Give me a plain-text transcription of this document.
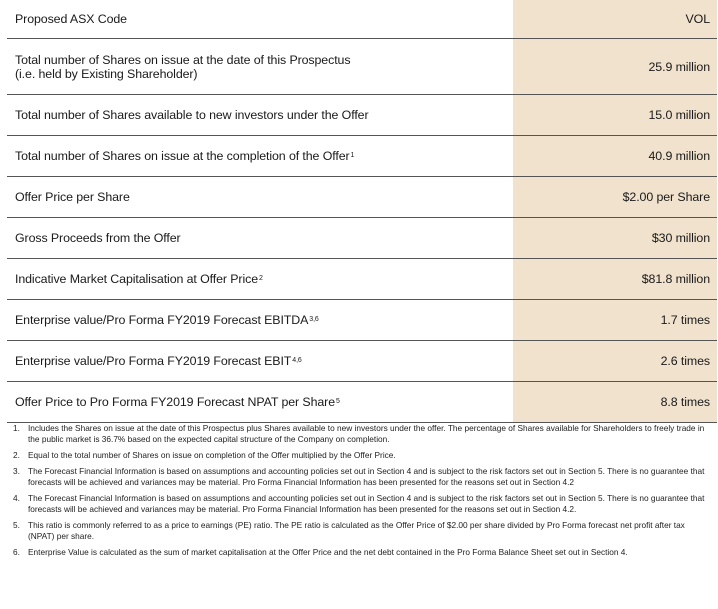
Proposed ASX Code	VOL
Total number of Shares on issue at the date of this Prospectus
(i.e. held by Existing Shareholder)	25.9 million
Total number of Shares available to new investors under the Offer	15.0 million
Total number of Shares on issue at the completion of the Offer 1	40.9 million
Offer Price per Share	$2.00 per Share
Gross Proceeds from the Offer	$30 million
Indicative Market Capitalisation at Offer Price 2	$81.8 million
Enterprise value/Pro Forma FY2019 Forecast EBITDA 3,6	1.7 times
Enterprise value/Pro Forma FY2019 Forecast EBIT 4,6	2.6 times
Offer Price to Pro Forma FY2019 Forecast NPAT per Share 5	8.8 times
1. Includes the Shares on issue at the date of this Prospectus plus Shares available to new investors under the offer. The percentage of Shares available for Shareholders to freely trade in the public market is 36.7% based on the expected capital structure of the Company on completion.
2. Equal to the total number of Shares on issue on completion of the Offer multiplied by the Offer Price.
3. The Forecast Financial Information is based on assumptions and accounting policies set out in Section 4 and is subject to the risk factors set out in Section 5. There is no guarantee that forecasts will be achieved and variances may be material. Pro Forma Financial Information has been presented for the reasons set out in Section 4.2
4. The Forecast Financial Information is based on assumptions and accounting policies set out in Section 4 and is subject to the risk factors set out in Section 5. There is no guarantee that forecasts will be achieved and variances may be material. Pro Forma Financial Information has been presented for the reasons set out in Section 4.2.
5. This ratio is commonly referred to as a price to earnings (PE) ratio. The PE ratio is calculated as the Offer Price of $2.00 per share divided by Pro Forma forecast net profit after tax (NPAT) per share.
6. Enterprise Value is calculated as the sum of market capitalisation at the Offer Price and the net debt contained in the Pro Forma Balance Sheet set out in Section 4.
